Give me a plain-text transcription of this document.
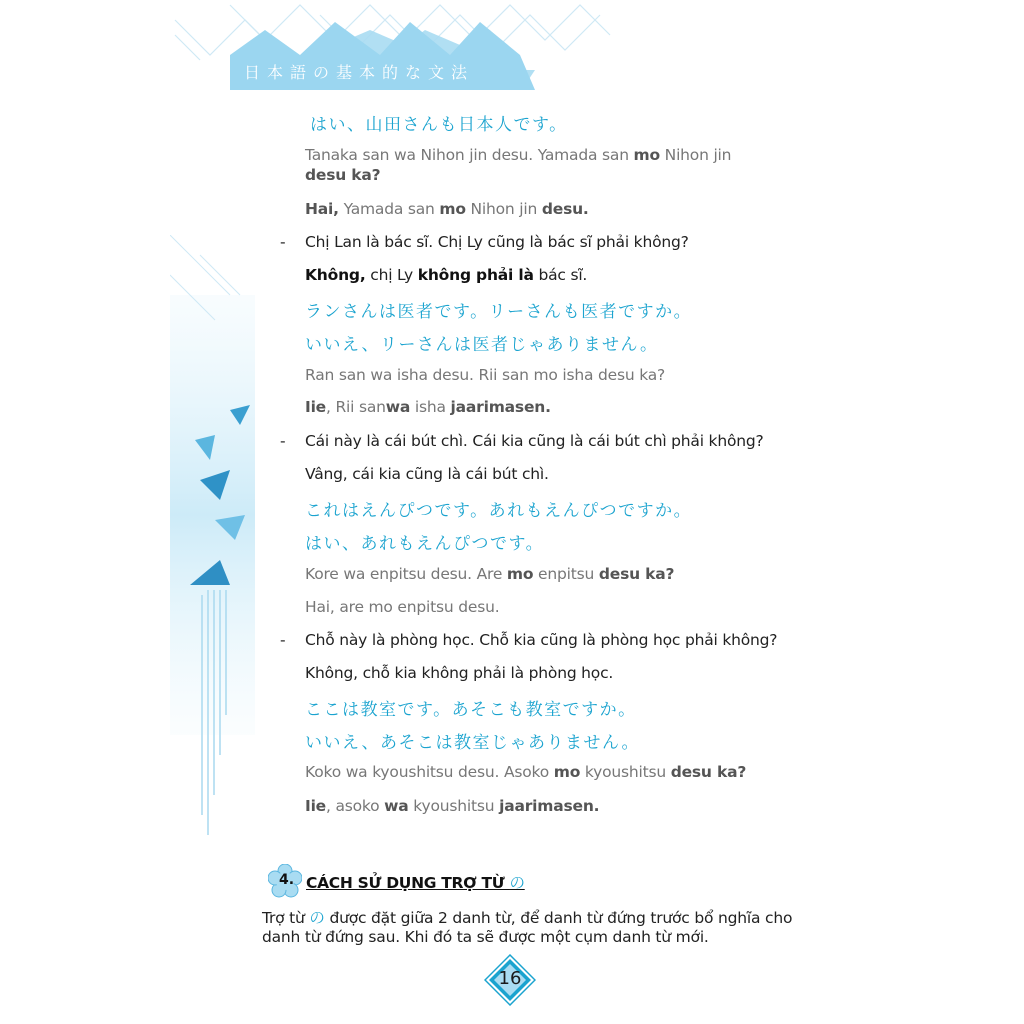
日本語の基本的な文法
はい、山田さんも日本人です。
Tanaka san wa Nihon jin desu. Yamada san mo Nihon jin
desu ka?
Hai, Yamada san mo Nihon jin desu.
- Chị Lan là bác sĩ. Chị Ly cũng là bác sĩ phải không?
Không, chị Ly không phải là bác sĩ.
ランさんは医者です。リーさんも医者ですか。
いいえ、リーさんは医者じゃありません。
Ran san wa isha desu. Rii san mo isha desu ka?
Iie, Rii sanwa isha jaarimasen.
- Cái này là cái bút chì. Cái kia cũng là cái bút chì phải không?
Vâng, cái kia cũng là cái bút chì.
これはえんぴつです。あれもえんぴつですか。
はい、あれもえんぴつです。
Kore wa enpitsu desu. Are mo enpitsu desu ka?
Hai, are mo enpitsu desu.
- Chỗ này là phòng học. Chỗ kia cũng là phòng học phải không?
Không, chỗ kia không phải là phòng học.
ここは教室です。あそこも教室ですか。
いいえ、あそこは教室じゃありません。
Koko wa kyoushitsu desu. Asoko mo kyoushitsu desu ka?
Iie, asoko wa kyoushitsu jaarimasen.
4. CÁCH SỬ DỤNG TRỢ TỪ の
Trợ từ の được đặt giữa 2 danh từ, để danh từ đứng trước bổ nghĩa cho
danh từ đứng sau. Khi đó ta sẽ được một cụm danh từ mới.
16
